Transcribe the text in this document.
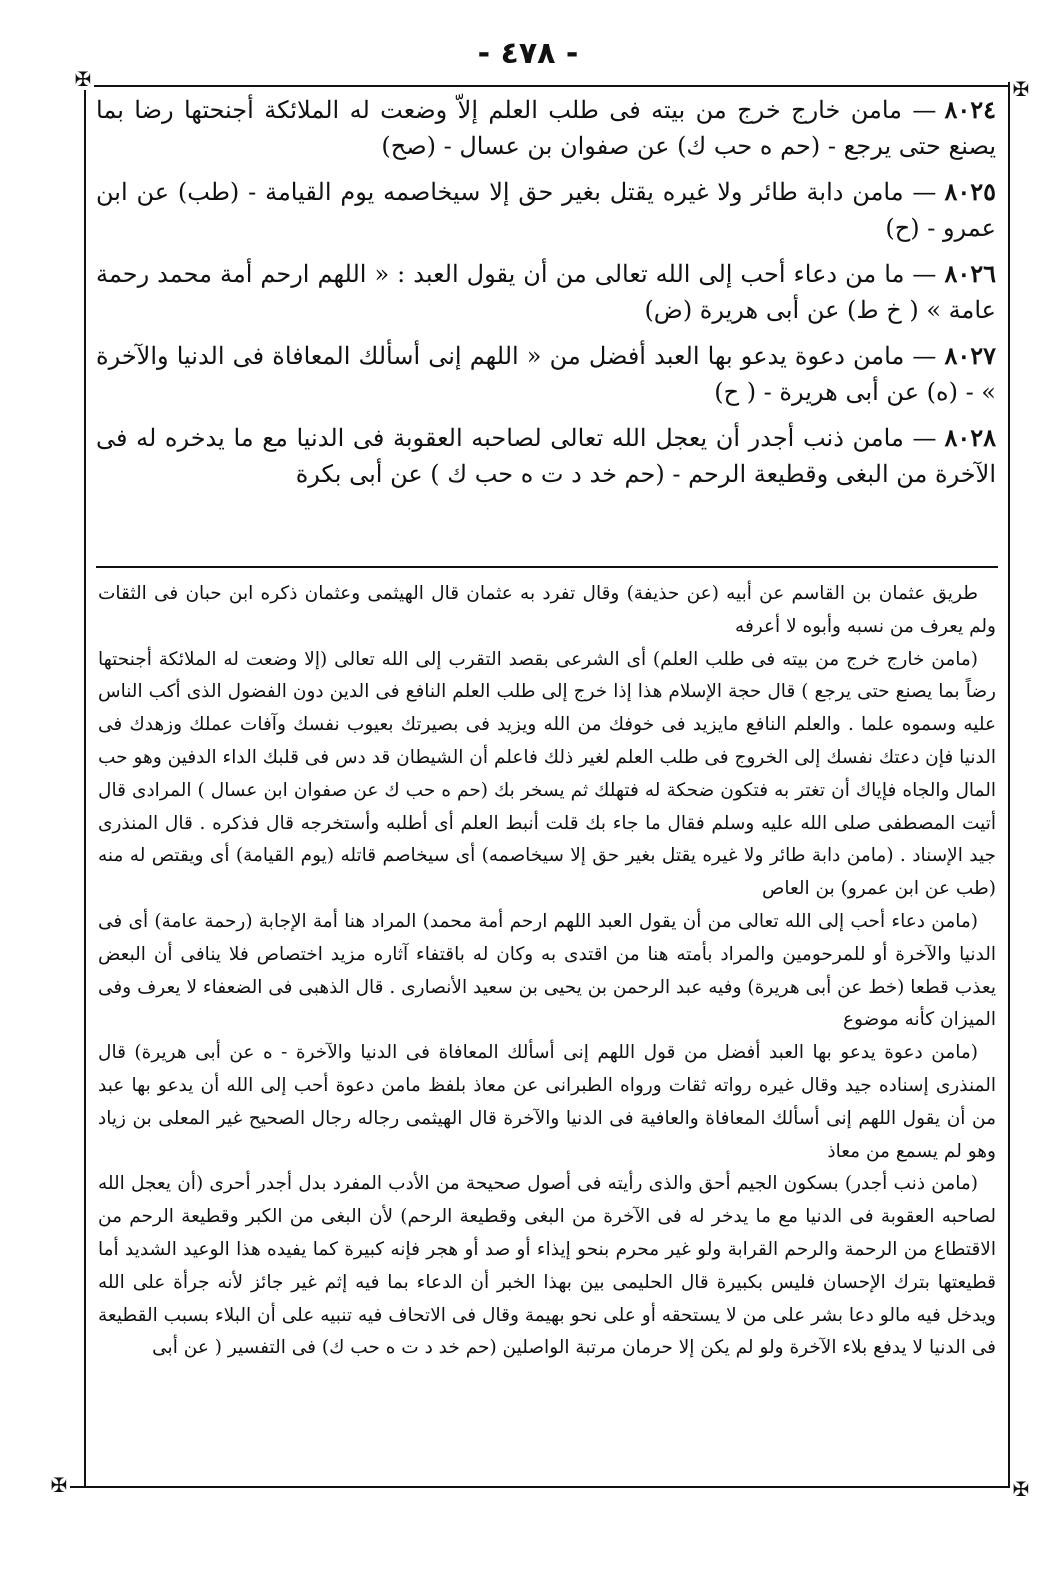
- ٤٧٨ -
✠	✠
✠	✠

٨٠٢٤— مامن خارج خرج من بيته فى طلب العلم إلاّ وضعت له الملائكة أجنحتها رضا بما يصنع حتى يرجع - (حم ه حب ك) عن صفوان بن عسال - (صح)

٨٠٢٥— مامن دابة طائر ولا غيره يقتل بغير حق إلا سيخاصمه يوم القيامة - (طب) عن ابن عمرو - (ح)

٨٠٢٦— ما من دعاء أحب إلى الله تعالى من أن يقول العبد : « اللهم ارحم أمة محمد رحمة عامة » ( خ ط) عن أبى هريرة (ض)

٨٠٢٧— مامن دعوة يدعو بها العبد أفضل من « اللهم إنى أسألك المعافاة فى الدنيا والآخرة » - (ه) عن أبى هريرة - ( ح)

٨٠٢٨— مامن ذنب أجدر أن يعجل الله تعالى لصاحبه العقوبة فى الدنيا مع ما يدخره له فى الآخرة من البغى وقطيعة الرحم - (حم خد د ت ه حب ك ) عن أبى بكرة

طريق عثمان بن القاسم عن أبيه (عن حذيفة) وقال تفرد به عثمان قال الهيثمى وعثمان ذكره ابن حبان فى الثقات ولم يعرف من نسبه وأبوه لا أعرفه

(مامن خارج خرج من بيته فى طلب العلم) أى الشرعى بقصد التقرب إلى الله تعالى (إلا وضعت له الملائكة أجنحتها رضاً بما يصنع حتى يرجع ) قال حجة الإسلام هذا إذا خرج إلى طلب العلم النافع فى الدين دون الفضول الذى أكب الناس عليه وسموه علما . والعلم النافع مايزيد فى خوفك من الله ويزيد فى بصيرتك بعيوب نفسك وآفات عملك وزهدك فى الدنيا فإن دعتك نفسك إلى الخروج فى طلب العلم لغير ذلك فاعلم أن الشيطان قد دس فى قلبك الداء الدفين وهو حب المال والجاه فإياك أن تغتر به فتكون ضحكة له فتهلك ثم يسخر بك (حم ه حب ك عن صفوان ابن عسال ) المرادى قال أتيت المصطفى صلى الله عليه وسلم فقال ما جاء بك قلت أنبط العلم أى أطلبه وأستخرجه قال فذكره . قال المنذرى جيد الإسناد . (مامن دابة طائر ولا غيره يقتل بغير حق إلا سيخاصمه) أى سيخاصم قاتله (يوم القيامة) أى ويقتص له منه (طب عن ابن عمرو) بن العاص

(مامن دعاء أحب إلى الله تعالى من أن يقول العبد اللهم ارحم أمة محمد) المراد هنا أمة الإجابة (رحمة عامة) أى فى الدنيا والآخرة أو للمرحومين والمراد بأمته هنا من اقتدى به وكان له باقتفاء آثاره مزيد اختصاص فلا ينافى أن البعض يعذب قطعا (خط عن أبى هريرة) وفيه عبد الرحمن بن يحيى بن سعيد الأنصارى . قال الذهبى فى الضعفاء لا يعرف وفى الميزان كأنه موضوع

(مامن دعوة يدعو بها العبد أفضل من قول اللهم إنى أسألك المعافاة فى الدنيا والآخرة - ه عن أبى هريرة) قال المنذرى إسناده جيد وقال غيره رواته ثقات ورواه الطبرانى عن معاذ بلفظ مامن دعوة أحب إلى الله أن يدعو بها عبد من أن يقول اللهم إنى أسألك المعافاة والعافية فى الدنيا والآخرة قال الهيثمى رجاله رجال الصحيح غير المعلى بن زياد وهو لم يسمع من معاذ

(مامن ذنب أجدر) بسكون الجيم أحق والذى رأيته فى أصول صحيحة من الأدب المفرد بدل أجدر أحرى (أن يعجل الله لصاحبه العقوبة فى الدنيا مع ما يدخر له فى الآخرة من البغى وقطيعة الرحم) لأن البغى من الكبر وقطيعة الرحم من الاقتطاع من الرحمة والرحم القرابة ولو غير محرم بنحو إيذاء أو صد أو هجر فإنه كبيرة كما يفيده هذا الوعيد الشديد أما قطيعتها بترك الإحسان فليس بكبيرة قال الحليمى بين بهذا الخبر أن الدعاء بما فيه إثم غير جائز لأنه جرأة على الله ويدخل فيه مالو دعا بشر على من لا يستحقه أو على نحو بهيمة وقال فى الاتحاف فيه تنبيه على أن البلاء بسبب القطيعة فى الدنيا لا يدفع بلاء الآخرة ولو لم يكن إلا حرمان مرتبة الواصلين (حم خد د ت ه حب ك) فى التفسير ( عن أبى
